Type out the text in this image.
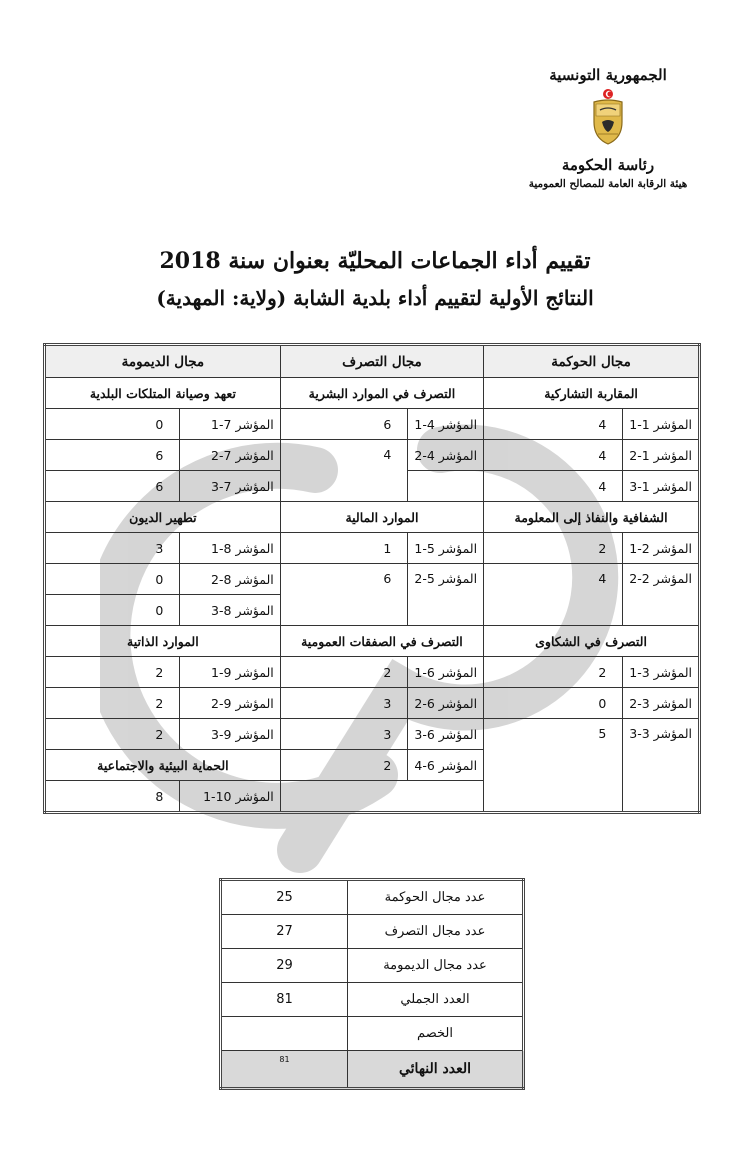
الجمهورية التونسية
رئاسة الحكومة
هيئة الرقابة العامة للمصالح العمومية
تقييم أداء الجماعات المحليّة بعنوان سنة 2018
النتائج الأولية لتقييم أداء بلدية الشابة (ولاية: المهدية)
مجال الحوكمة		مجال التصرف		مجال الديمومة	
المقاربة التشاركية		التصرف في الموارد البشرية		تعهد وصيانة المتلكات البلدية	
المؤشر 1-1	4	المؤشر 4-1	6	المؤشر 7-1	0
المؤشر 1-2	4	المؤشر 4-2	4	المؤشر 7-2	6
المؤشر 1-3	4			المؤشر 7-3	6
الشفافية والنفاذ إلى المعلومة		الموارد المالية		تطهير الديون	
المؤشر 2-1	2	المؤشر 5-1	1	المؤشر 8-1	3
المؤشر 2-2	4	المؤشر 5-2	6	المؤشر 8-2	0
				المؤشر 8-3	0
التصرف في الشكاوى		التصرف في الصفقات العمومية		الموارد الذاتية	
المؤشر 3-1	2	المؤشر 6-1	2	المؤشر 9-1	2
المؤشر 3-2	0	المؤشر 6-2	3	المؤشر 9-2	2
المؤشر 3-3	5	المؤشر 6-3	3	المؤشر 9-3	2
		المؤشر 6-4	2	الحماية البيئية والاجتماعية	
				المؤشر 10-1	8
عدد مجال الحوكمة	25
عدد مجال التصرف	27
عدد مجال الديمومة	29
العدد الجملي	81
الخصم	
العدد النهائي	81
